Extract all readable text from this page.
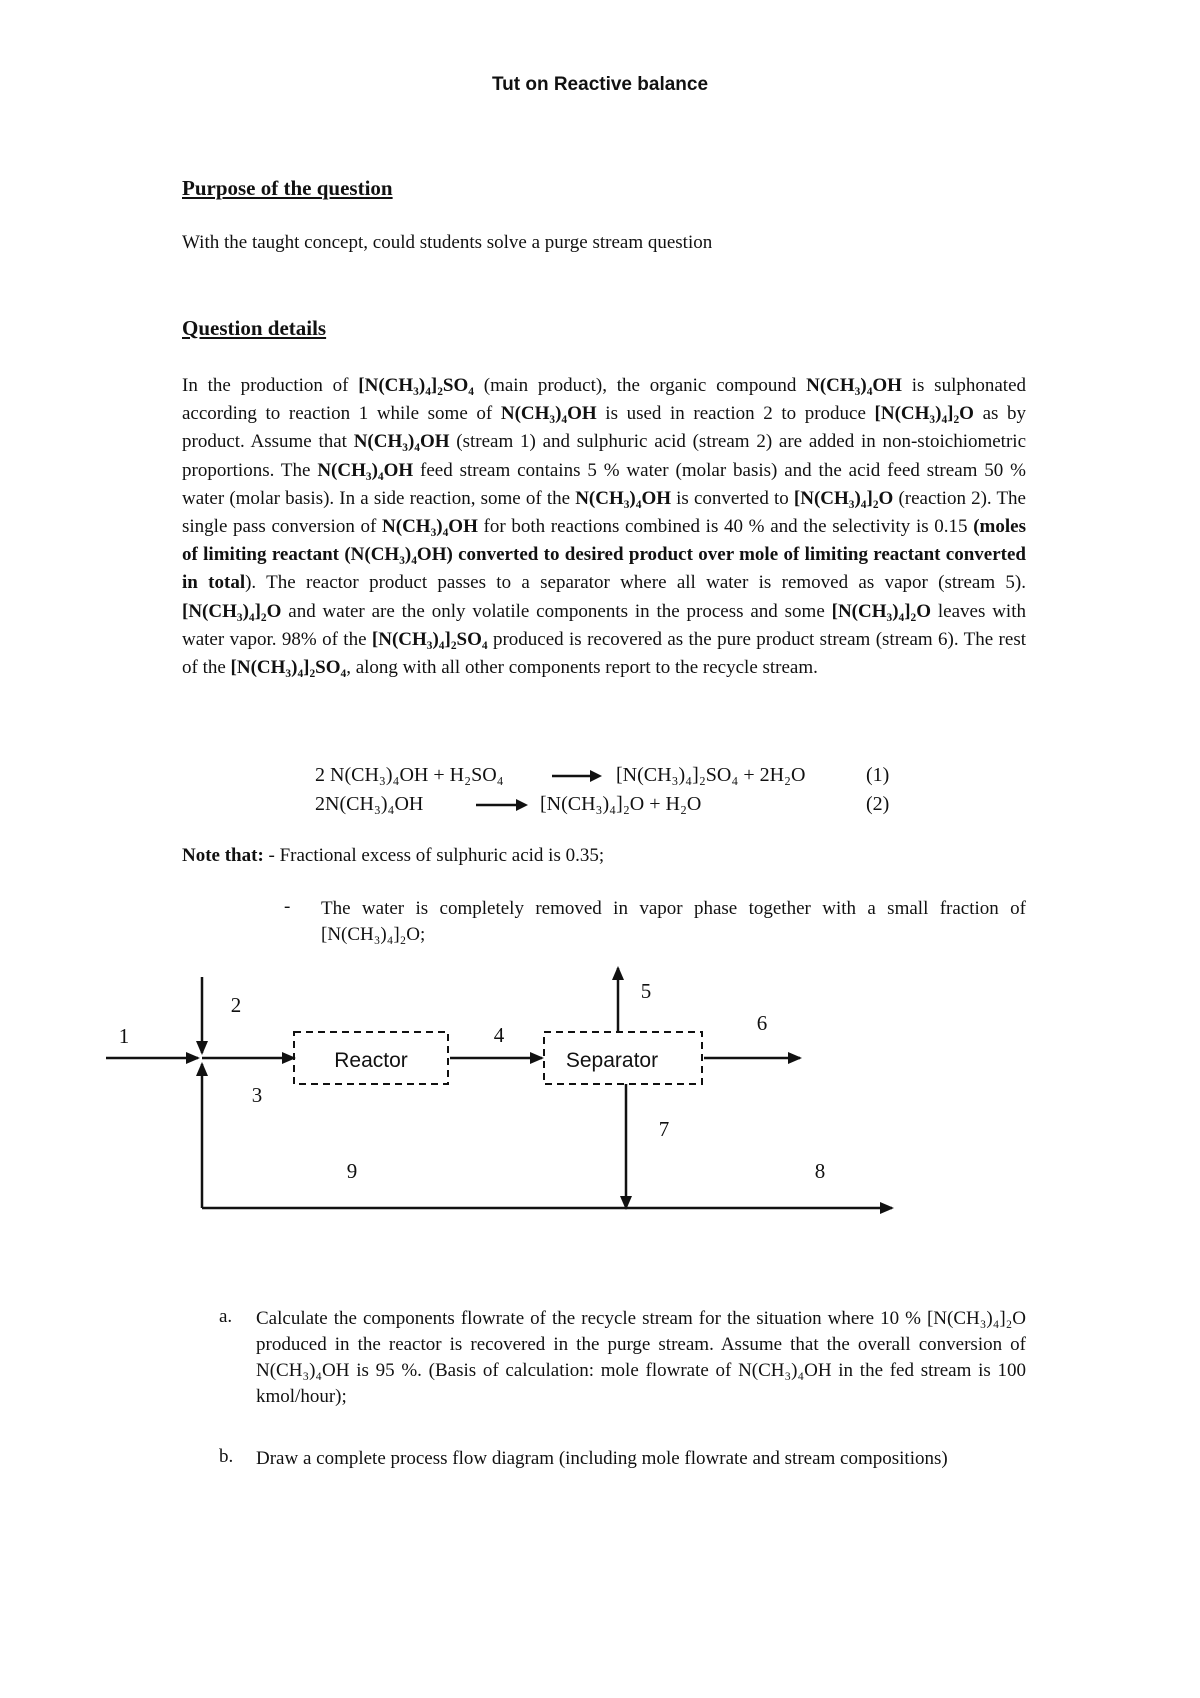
Tut on Reactive balance
Purpose of the question
With the taught concept, could students solve a purge stream question
Question details
In the production of [N(CH₃)₄]₂SO₄ (main product), the organic compound N(CH₃)₄OH is sulphonated according to reaction 1 while some of N(CH₃)₄OH is used in reaction 2 to produce [N(CH₃)₄]₂O as by product. Assume that N(CH₃)₄OH (stream 1) and sulphuric acid (stream 2) are added in non-stoichiometric proportions. The N(CH₃)₄OH feed stream contains 5 % water (molar basis) and the acid feed stream 50 % water (molar basis). In a side reaction, some of the N(CH₃)₄OH is converted to [N(CH₃)₄]₂O (reaction 2). The single pass conversion of N(CH₃)₄OH for both reactions combined is 40 % and the selectivity is 0.15 (moles of limiting reactant (N(CH₃)₄OH) converted to desired product over mole of limiting reactant converted in total). The reactor product passes to a separator where all water is removed as vapor (stream 5). [N(CH₃)₄]₂O and water are the only volatile components in the process and some [N(CH₃)₄]₂O leaves with water vapor. 98% of the [N(CH₃)₄]₂SO₄ produced is recovered as the pure product stream (stream 6). The rest of the [N(CH₃)₄]₂SO₄, along with all other components report to the recycle stream.
2 N(CH₃)₄OH + H₂SO₄	[N(CH₃)₄]₂SO₄ + 2H₂O	(1)
2N(CH₃)₄OH	[N(CH₃)₄]₂O + H₂O	(2)
Note that: - Fractional excess of sulphuric acid is 0.35;
- The water is completely removed in vapor phase together with a small fraction of [N(CH₃)₄]₂O;
Reactor	Separator
1
2
3
4
5
6
7
8
9
a. Calculate the components flowrate of the recycle stream for the situation where 10 % [N(CH₃)₄]₂O produced in the reactor is recovered in the purge stream. Assume that the overall conversion of N(CH₃)₄OH is 95 %. (Basis of calculation: mole flowrate of N(CH₃)₄OH in the fed stream is 100 kmol/hour);
b. Draw a complete process flow diagram (including mole flowrate and stream compositions)
